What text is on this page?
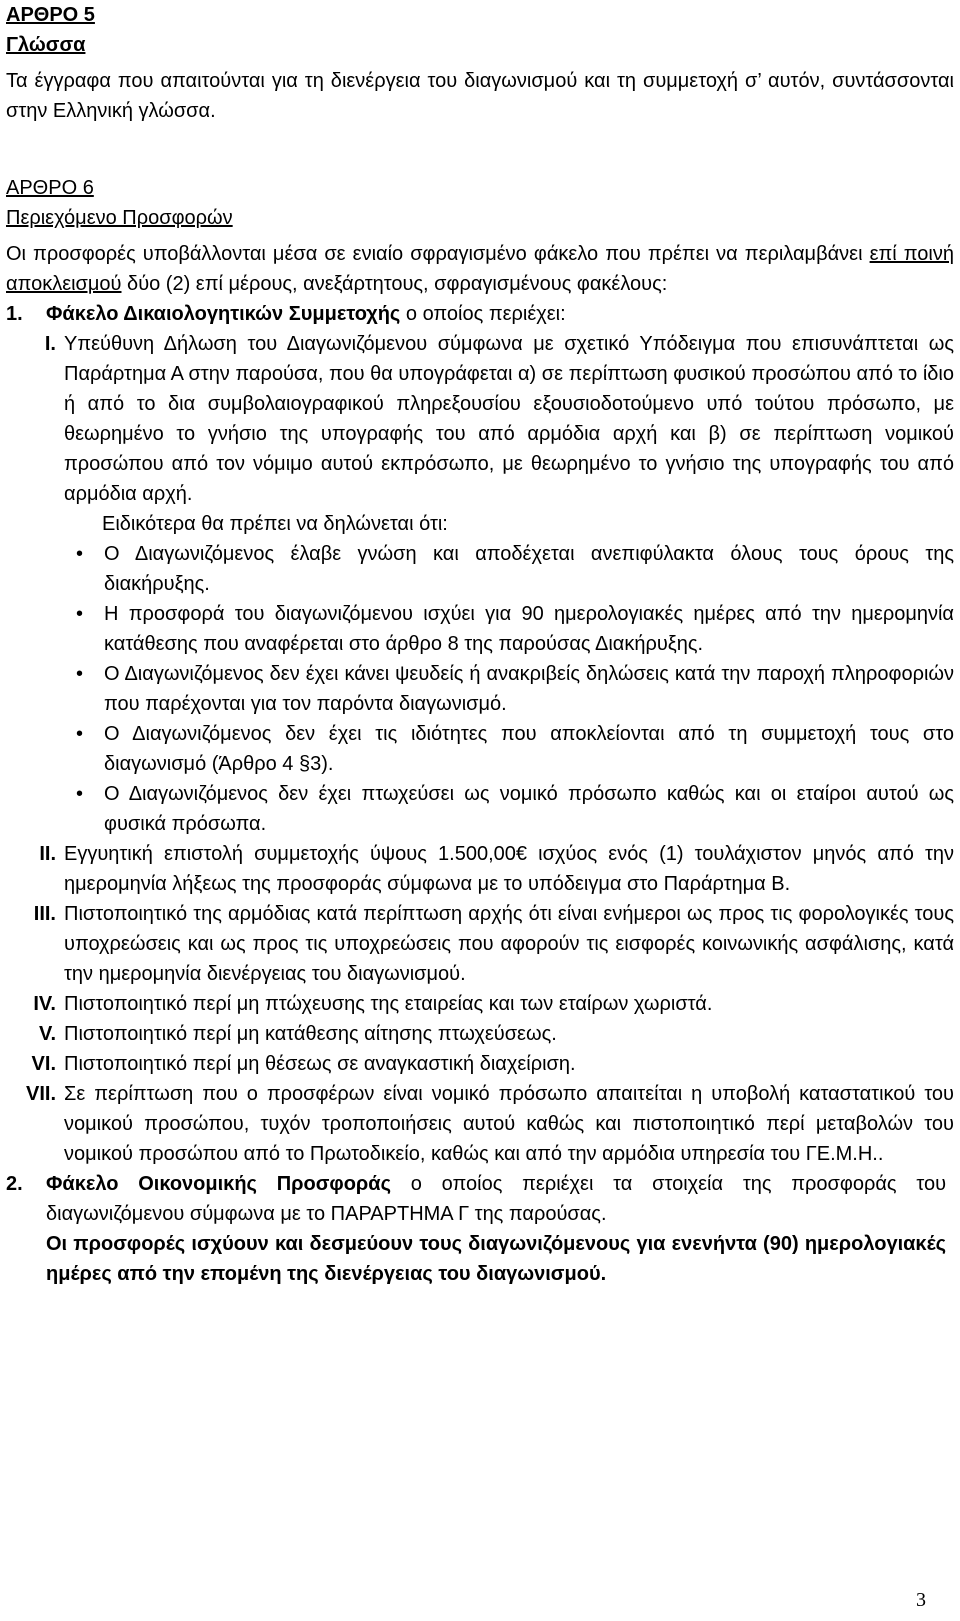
ΑΡΘΡΟ 5

Γλώσσα

Τα έγγραφα που απαιτούνται για τη διενέργεια του διαγωνισμού και τη συμμετοχή σ’ αυτόν, συντάσσονται στην Ελληνική γλώσσα.

ΑΡΘΡΟ 6

Περιεχόμενο Προσφορών

Οι προσφορές υποβάλλονται μέσα σε ενιαίο σφραγισμένο φάκελο που πρέπει να περιλαμβάνει επί ποινή αποκλεισμού δύο (2) επί μέρους, ανεξάρτητους, σφραγισμένους φακέλους:

1.	Φάκελο Δικαιολογητικών Συμμετοχής ο οποίος περιέχει:
I. Υπεύθυνη Δήλωση του Διαγωνιζόμενου σύμφωνα με σχετικό Υπόδειγμα που επισυνάπτεται ως Παράρτημα Α στην παρούσα, που θα υπογράφεται α) σε περίπτωση φυσικού προσώπου από το ίδιο ή από το δια συμβολαιογραφικού πληρεξουσίου εξουσιοδοτούμενο υπό τούτου πρόσωπο, με θεωρημένο το γνήσιο της υπογραφής του από αρμόδια αρχή και β) σε περίπτωση νομικού προσώπου από τον νόμιμο αυτού εκπρόσωπο, με θεωρημένο το γνήσιο της υπογραφής του από αρμόδια αρχή.

Ειδικότερα θα πρέπει να δηλώνεται ότι:

•	Ο Διαγωνιζόμενος έλαβε γνώση και αποδέχεται ανεπιφύλακτα όλους τους όρους της διακήρυξης.
•	Η προσφορά του διαγωνιζόμενου ισχύει για 90 ημερολογιακές ημέρες από την ημερομηνία κατάθεσης που αναφέρεται στο άρθρο 8 της παρούσας Διακήρυξης.
•	Ο Διαγωνιζόμενος δεν έχει κάνει ψευδείς ή ανακριβείς δηλώσεις κατά την παροχή πληροφοριών που παρέχονται για τον παρόντα διαγωνισμό.
•	Ο Διαγωνιζόμενος δεν έχει τις ιδιότητες που αποκλείονται από τη συμμετοχή τους στο διαγωνισμό (Άρθρο 4 §3).
•	Ο Διαγωνιζόμενος δεν έχει πτωχεύσει ως νομικό πρόσωπο καθώς και οι εταίροι αυτού ως φυσικά πρόσωπα.
II. Εγγυητική επιστολή συμμετοχής ύψους 1.500,00€ ισχύος ενός (1) τουλάχιστον μηνός από την ημερομηνία λήξεως της προσφοράς σύμφωνα με το υπόδειγμα στο Παράρτημα Β.
III. Πιστοποιητικό της αρμόδιας κατά περίπτωση αρχής ότι είναι ενήμεροι ως προς τις φορολογικές τους υποχρεώσεις και ως προς τις υποχρεώσεις που αφορούν τις εισφορές κοινωνικής ασφάλισης, κατά την ημερομηνία διενέργειας του διαγωνισμού.
IV. Πιστοποιητικό περί μη πτώχευσης της εταιρείας και των εταίρων χωριστά.
V. Πιστοποιητικό περί μη κατάθεσης αίτησης πτωχεύσεως.
VI. Πιστοποιητικό περί μη θέσεως σε αναγκαστική διαχείριση.
VII. Σε περίπτωση που ο προσφέρων είναι νομικό πρόσωπο απαιτείται η υποβολή καταστατικού του νομικού προσώπου, τυχόν τροποποιήσεις αυτού καθώς και πιστοποιητικό περί μεταβολών του νομικού προσώπου από το Πρωτοδικείο, καθώς και από την αρμόδια υπηρεσία του ΓΕ.Μ.Η..
2.	Φάκελο Οικονομικής Προσφοράς ο οποίος περιέχει τα στοιχεία της προσφοράς του διαγωνιζόμενου σύμφωνα με το ΠΑΡΑΡΤΗΜΑ Γ της παρούσας.
Οι προσφορές ισχύουν και δεσμεύουν τους διαγωνιζόμενους για ενενήντα (90) ημερολογιακές ημέρες από την επομένη της διενέργειας του διαγωνισμού.
3
